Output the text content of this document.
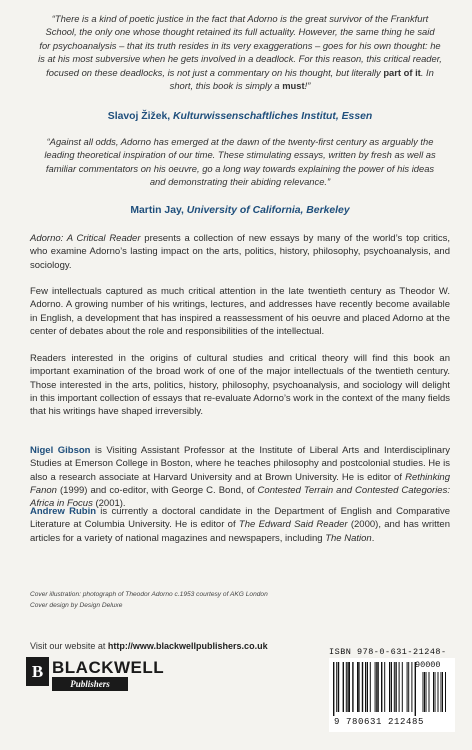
“There is a kind of poetic justice in the fact that Adorno is the great survivor of the Frankfurt
School, the only one whose thought retained its full actuality. However, the same thing he said
for psychoanalysis – that its truth resides in its very exaggerations – goes for his own thought: he
is at his most subversive when he gets involved in a deadlock. For this reason, this critical reader,
focused on these deadlocks, is not just a commentary on his thought, but literally part of it. In
short, this book is simply a must!”
Slavoj Žižek, Kulturwissenschaftliches Institut, Essen
“Against all odds, Adorno has emerged at the dawn of the twenty-first century as arguably the
leading theoretical inspiration of our time. These stimulating essays, written by fresh as well as
familiar commentators on his oeuvre, go a long way towards explaining the power of his ideas
and demonstrating their abiding relevance.”
Martin Jay, University of California, Berkeley
Adorno: A Critical Reader presents a collection of new essays by many of the world’s top critics, who examine Adorno’s lasting impact on the arts, politics, history, philosophy, psychoanalysis, and sociology.
Few intellectuals captured as much critical attention in the late twentieth century as Theodor W. Adorno. A growing number of his writings, lectures, and addresses have recently become available in English, a development that has inspired a reassessment of his oeuvre and placed Adorno at the center of debates about the role and responsibilities of the intellectual.
Readers interested in the origins of cultural studies and critical theory will find this book an important examination of the broad work of one of the major intellectuals of the twentieth century. Those interested in the arts, politics, history, philosophy, psychoanalysis, and sociology will delight in this important collection of essays that re-evaluate Adorno’s work in the context of the many fields that his writings have shaped irreversibly.
Nigel Gibson is Visiting Assistant Professor at the Institute of Liberal Arts and Interdisciplinary Studies at Emerson College in Boston, where he teaches philosophy and postcolonial studies. He is also a research associate at Harvard University and at Brown University. He is editor of Rethinking Fanon (1999) and co-editor, with George C. Bond, of Contested Terrain and Contested Categories: Africa in Focus (2001).
Andrew Rubin is currently a doctoral candidate in the Department of English and Comparative Literature at Columbia University. He is editor of The Edward Said Reader (2000), and has written articles for a variety of national magazines and newspapers, including The Nation.
Cover illustration: photograph of Theodor Adorno c.1953 courtesy of AKG London
Cover design by Design Deluxe
Visit our website at http://www.blackwellpublishers.co.uk
B BLACKWELL
Publishers
ISBN 978-0-631-21248-
90000
9 780631 212485
